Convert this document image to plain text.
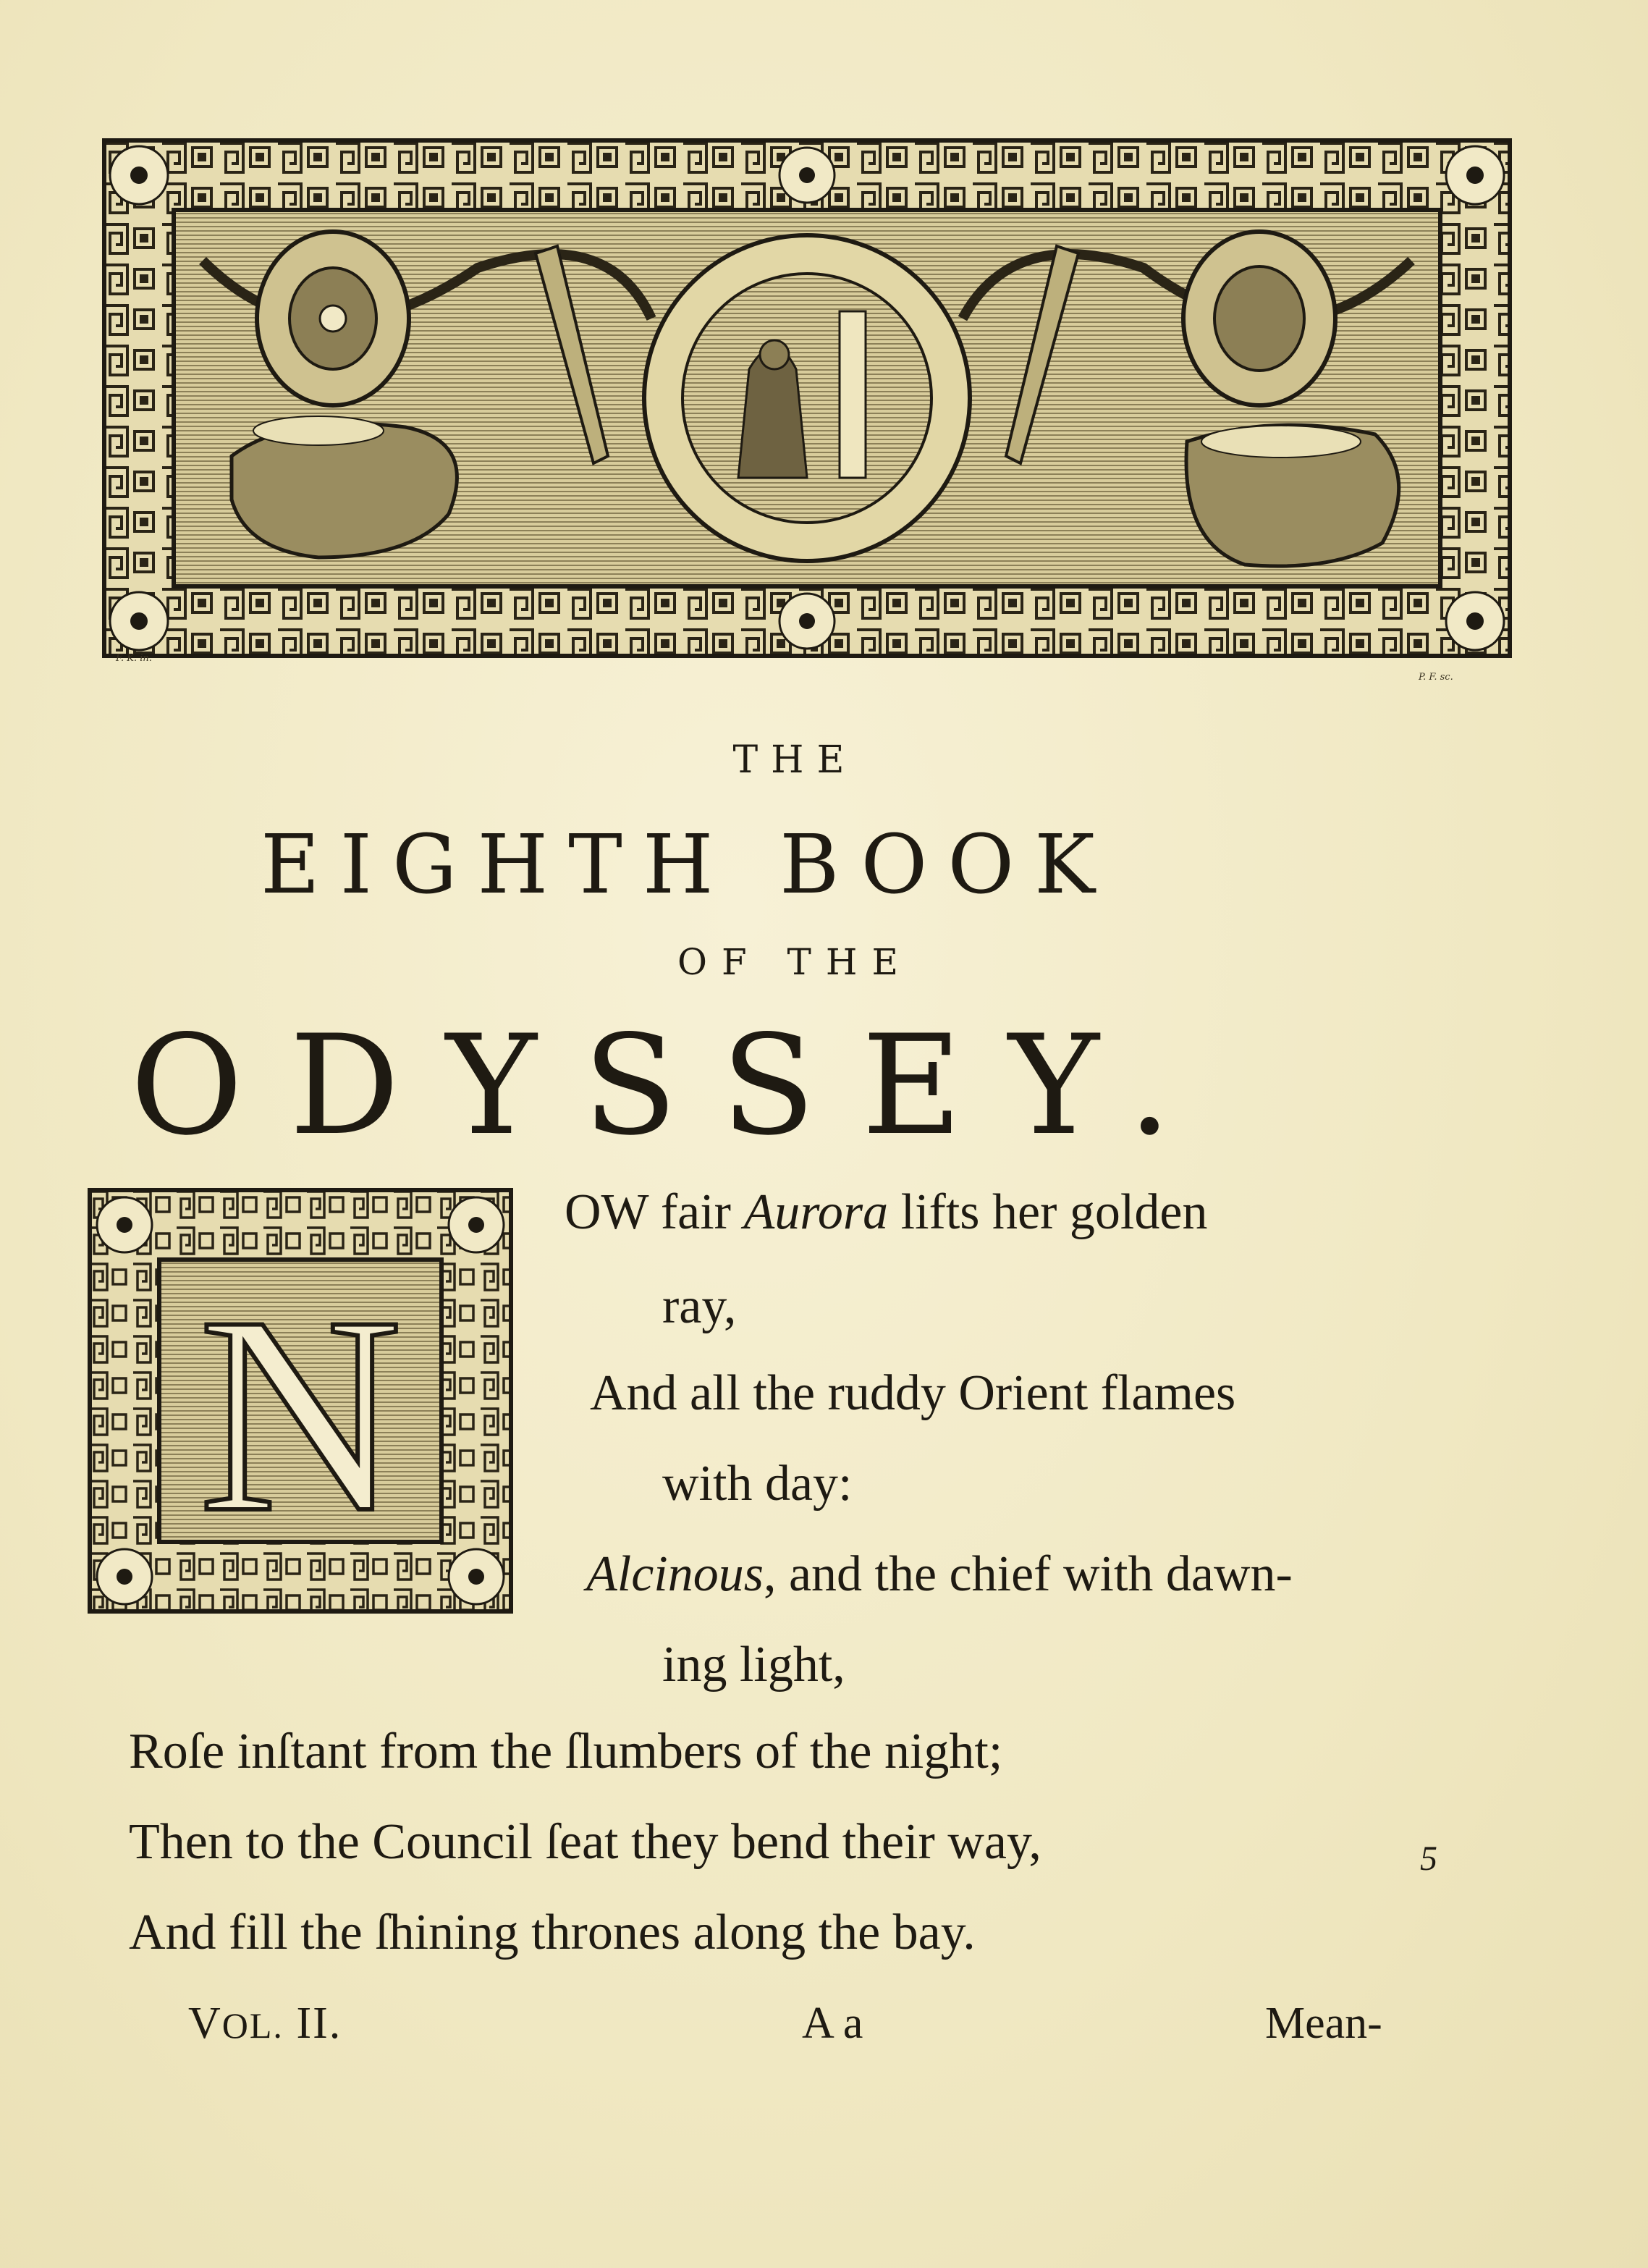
F. K. in.
P. F. sc.
THE
EIGHTH BOOK
OF THE
ODYSSEY.
N
OW fair Aurora lifts her golden
ray,
And all the ruddy Orient flames
with day:
Alcinous, and the chief with dawn-
ing light,
Roſe inſtant from the ſlumbers of the night;
Then to the Council ſeat they bend their way,
And fill the ſhining thrones along the bay.
5
VOL. II.	A a	Mean-
